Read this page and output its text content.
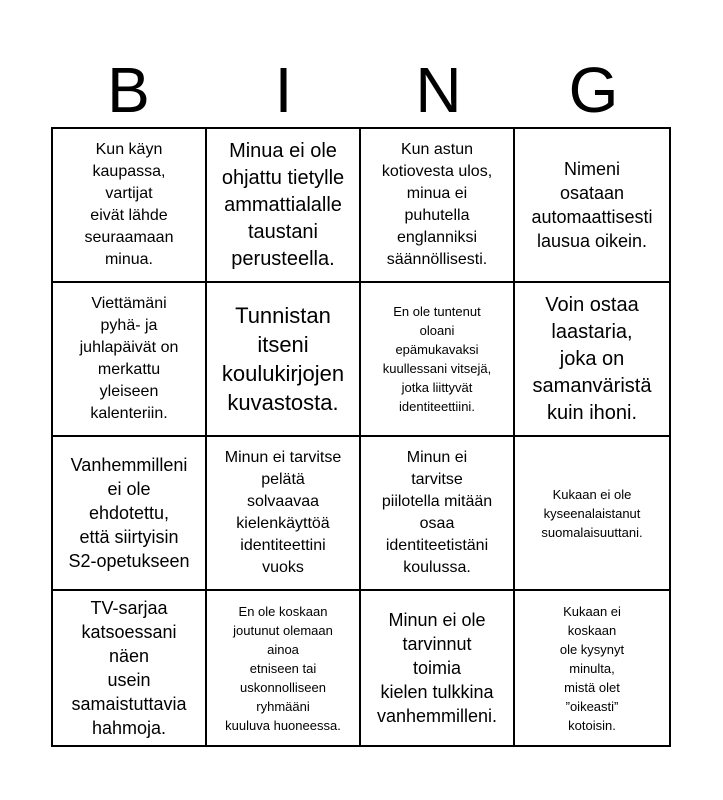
B	I	N	G
Kun käyn
kaupassa,
vartijat
eivät lähde
seuraamaan
minua.
Minua ei ole
ohjattu tietylle
ammattialalle
taustani
perusteella.
Kun astun
kotiovesta ulos,
minua ei
puhutella
englanniksi
säännöllisesti.
Nimeni
osataan
automaattisesti
lausua oikein.
Viettämäni
pyhä- ja
juhlapäivät on
merkattu
yleiseen
kalenteriin.
Tunnistan
itseni
koulukirjojen
kuvastosta.
En ole tuntenut
oloani
epämukavaksi
kuullessani vitsejä,
jotka liittyvät
identiteettiini.
Voin ostaa
laastaria,
joka on
samanväristä
kuin ihoni.
Vanhemmilleni
ei ole
ehdotettu,
että siirtyisin
S2-opetukseen
Minun ei tarvitse
pelätä
solvaavaa
kielenkäyttöä
identiteettini
vuoks
Minun ei
tarvitse
piilotella mitään
osaa
identiteetistäni
koulussa.
Kukaan ei ole
kyseenalaistanut
suomalaisuuttani.
TV-sarjaa
katsoessani
näen
usein
samaistuttavia
hahmoja.
En ole koskaan
joutunut olemaan
ainoa
etniseen tai
uskonnolliseen
ryhmääni
kuuluva huoneessa.
Minun ei ole
tarvinnut
toimia
kielen tulkkina
vanhemmilleni.
Kukaan ei
koskaan
ole kysynyt
minulta,
mistä olet
”oikeasti”
kotoisin.
